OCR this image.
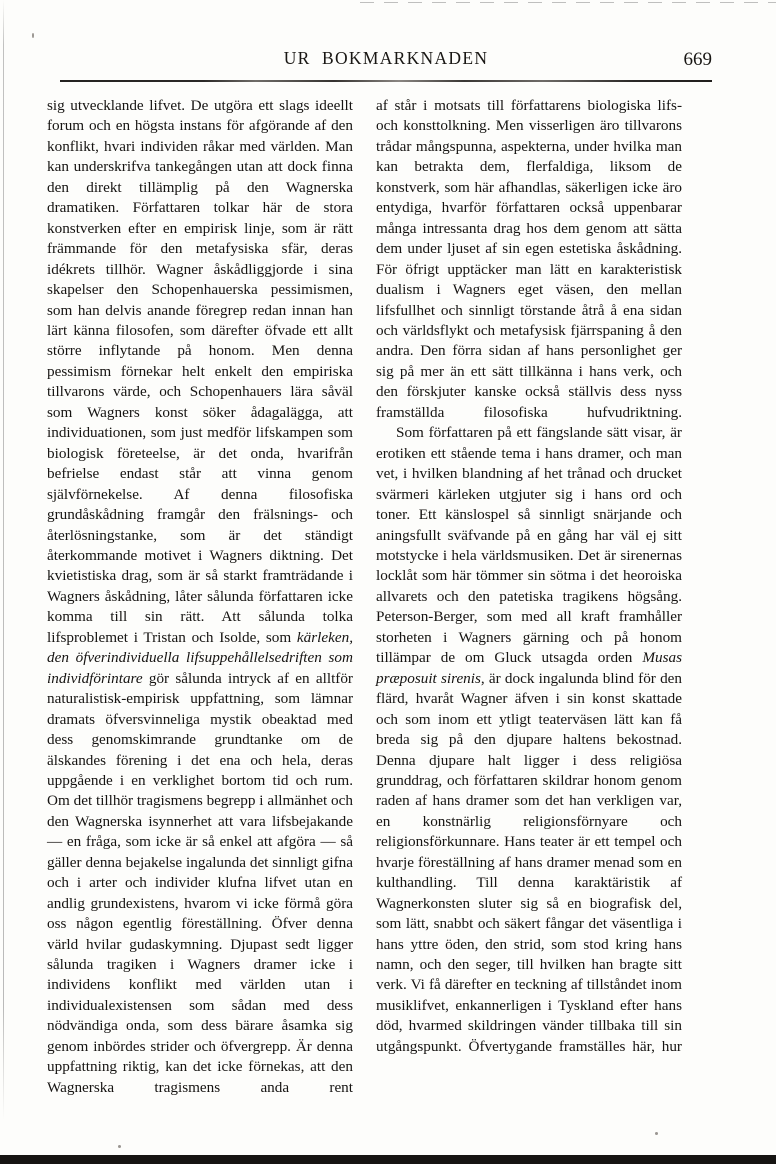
UR  BOKMARKNADEN	669

sig utvecklande lifvet. De utgöra ett slags ideellt forum och en högsta instans för afgörande af den konflikt, hvari individen råkar med världen. Man kan underskrifva tankegången utan att dock finna den direkt tillämplig på den Wagnerska dramatiken. Författaren tolkar här de stora konstverken efter en empirisk linje, som är rätt främmande för den metafysiska sfär, deras idékrets tillhör. Wagner åskådliggjorde i sina skapelser den Schopenhauerska pessimismen, som han delvis anande föregrep redan innan han lärt känna filosofen, som därefter öfvade ett allt större inflytande på honom. Men denna pessimism förnekar helt enkelt den empiriska tillvarons värde, och Schopenhauers lära såväl som Wagners konst söker ådagalägga, att individuationen, som just medför lifskampen som biologisk företeelse, är det onda, hvarifrån befrielse endast står att vinna genom självförnekelse. Af denna filosofiska grundåskådning framgår den frälsnings- och återlösningstanke, som är det ständigt återkommande motivet i Wagners diktning. Det kvietistiska drag, som är så starkt framträdande i Wagners åskådning, låter sålunda författaren icke komma till sin rätt. Att sålunda tolka lifsproblemet i Tristan och Isolde, som kärleken, den öfverindividuella lifsuppehållelsedriften som individförintare gör sålunda intryck af en alltför naturalistisk-empirisk uppfattning, som lämnar dramats öfversvinneliga mystik obeaktad med dess genomskimrande grundtanke om de älskandes förening i det ena och hela, deras uppgående i en verklighet bortom tid och rum. Om det tillhör tragismens begrepp i allmänhet och den Wagnerska isynnerhet att vara lifsbejakande — en fråga, som icke är så enkel att afgöra — så gäller denna bejakelse ingalunda det sinnligt gifna och i arter och individer klufna lifvet utan en andlig grundexistens, hvarom vi icke förmå göra oss någon egentlig föreställning. Öfver denna värld hvilar gudaskymning. Djupast sedt ligger sålunda tragiken i Wagners dramer icke i individens konflikt med världen utan i individualexistensen som sådan med dess nödvändiga onda, som dess bärare åsamka sig genom inbördes strider och öfvergrepp. Är denna uppfattning riktig, kan det icke förnekas, att den Wagnerska tragismens anda rent

af står i motsats till författarens biologiska lifs- och konsttolkning. Men visserligen äro tillvarons trådar mångspunna, aspekterna, under hvilka man kan betrakta dem, flerfaldiga, liksom de konstverk, som här afhandlas, säkerligen icke äro entydiga, hvarför författaren också uppenbarar många intressanta drag hos dem genom att sätta dem under ljuset af sin egen estetiska åskådning. För öfrigt upptäcker man lätt en karakteristisk dualism i Wagners eget väsen, den mellan lifsfullhet och sinnligt törstande åtrå å ena sidan och världsflykt och metafysisk fjärrspaning å den andra. Den förra sidan af hans personlighet ger sig på mer än ett sätt tillkänna i hans verk, och den förskjuter kanske också ställvis dess nyss framställda filosofiska hufvudriktning.

Som författaren på ett fängslande sätt visar, är erotiken ett stående tema i hans dramer, och man vet, i hvilken blandning af het trånad och drucket svärmeri kärleken utgjuter sig i hans ord och toner. Ett känslospel så sinnligt snärjande och aningsfullt sväfvande på en gång har väl ej sitt motstycke i hela världsmusiken. Det är sirenernas locklåt som här tömmer sin sötma i det heoroiska allvarets och den patetiska tragikens högsång. Peterson-Berger, som med all kraft framhåller storheten i Wagners gärning och på honom tillämpar de om Gluck utsagda orden Musas præposuit sirenis, är dock ingalunda blind för den flärd, hvaråt Wagner äfven i sin konst skattade och som inom ett ytligt teaterväsen lätt kan få breda sig på den djupare haltens bekostnad. Denna djupare halt ligger i dess religiösa grunddrag, och författaren skildrar honom genom raden af hans dramer som det han verkligen var, en konstnärlig religionsförnyare och religionsförkunnare. Hans teater är ett tempel och hvarje föreställning af hans dramer menad som en kulthandling. Till denna karaktäristik af Wagnerkonsten sluter sig så en biografisk del, som lätt, snabbt och säkert fångar det väsentliga i hans yttre öden, den strid, som stod kring hans namn, och den seger, till hvilken han bragte sitt verk. Vi få därefter en teckning af tillståndet inom musiklifvet, enkannerligen i Tyskland efter hans död, hvarmed skildringen vänder tillbaka till sin utgångspunkt. Öfvertygande framställes här, hur
